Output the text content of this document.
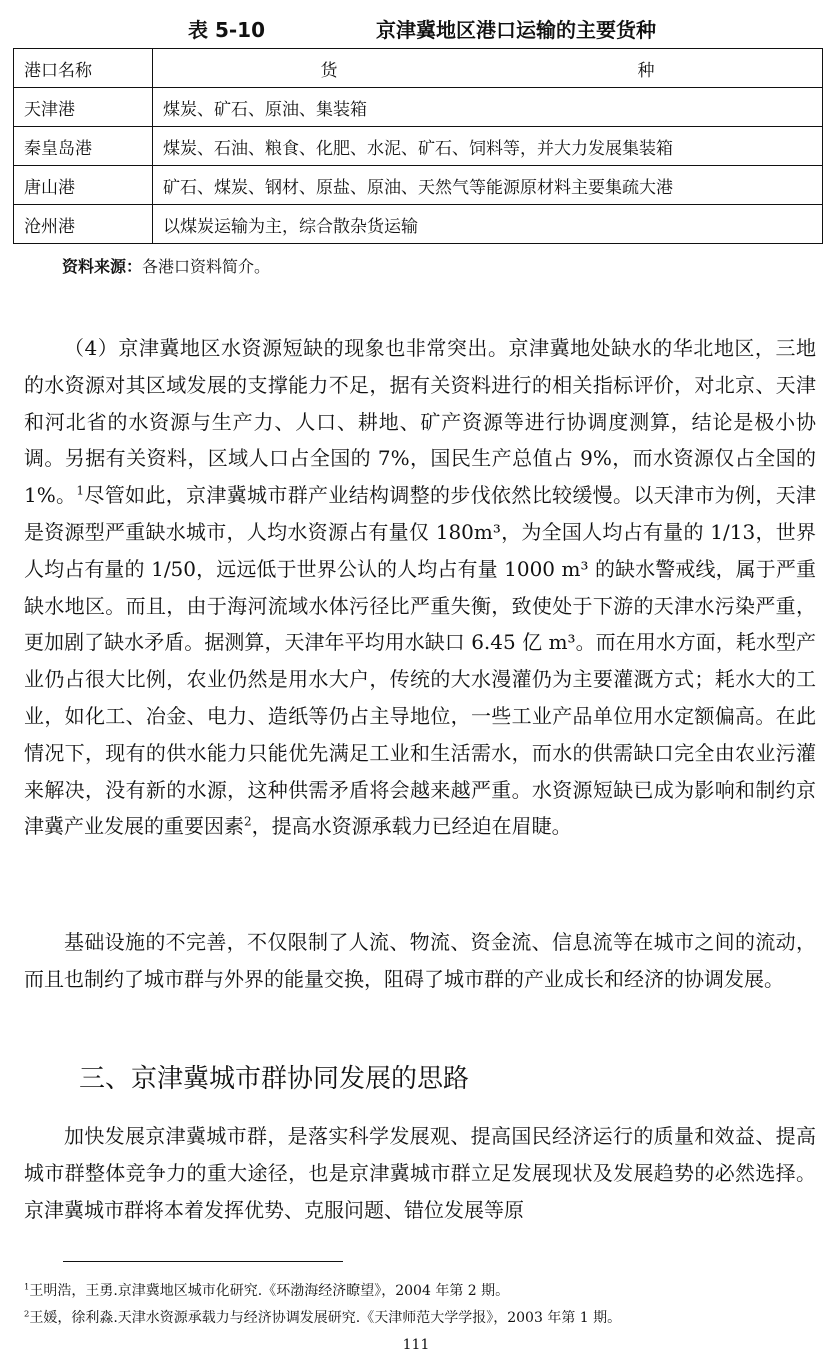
表 5-10	京津冀地区港口运输的主要货种
港口名称	货 种
天津港	煤炭、矿石、原油、集装箱
秦皇岛港	煤炭、石油、粮食、化肥、水泥、矿石、饲料等，并大力发展集装箱
唐山港	矿石、煤炭、钢材、原盐、原油、天然气等能源原材料主要集疏大港
沧州港	以煤炭运输为主，综合散杂货运输
资料来源：各港口资料简介。

（4）京津冀地区水资源短缺的现象也非常突出。京津冀地处缺水的华北地区，三地的水资源对其区域发展的支撑能力不足，据有关资料进行的相关指标评价，对北京、天津和河北省的水资源与生产力、人口、耕地、矿产资源等进行协调度测算，结论是极小协调。另据有关资料，区域人口占全国的 7%，国民生产总值占 9%，而水资源仅占全国的 1%。$^1$尽管如此，京津冀城市群产业结构调整的步伐依然比较缓慢。以天津市为例，天津是资源型严重缺水城市，人均水资源占有量仅 180m³，为全国人均占有量的 1/13，世界人均占有量的 1/50，远远低于世界公认的人均占有量 1000 m³ 的缺水警戒线，属于严重缺水地区。而且，由于海河流域水体污径比严重失衡，致使处于下游的天津水污染严重，更加剧了缺水矛盾。据测算，天津年平均用水缺口 6.45 亿 m³。而在用水方面，耗水型产业仍占很大比例，农业仍然是用水大户，传统的大水漫灌仍为主要灌溉方式；耗水大的工业，如化工、冶金、电力、造纸等仍占主导地位，一些工业产品单位用水定额偏高。在此情况下，现有的供水能力只能优先满足工业和生活需水，而水的供需缺口完全由农业污灌来解决，没有新的水源，这种供需矛盾将会越来越严重。水资源短缺已成为影响和制约京津冀产业发展的重要因素$^2$，提高水资源承载力已经迫在眉睫。

基础设施的不完善，不仅限制了人流、物流、资金流、信息流等在城市之间的流动，而且也制约了城市群与外界的能量交换，阻碍了城市群的产业成长和经济的协调发展。

三、京津冀城市群协同发展的思路

加快发展京津冀城市群，是落实科学发展观、提高国民经济运行的质量和效益、提高城市群整体竞争力的重大途径，也是京津冀城市群立足发展现状及发展趋势的必然选择。京津冀城市群将本着发挥优势、克服问题、错位发展等原

$^1$王明浩，王勇.京津冀地区城市化研究.《环渤海经济瞭望》，2004 年第 2 期。
$^2$王媛，徐利淼.天津水资源承载力与经济协调发展研究.《天津师范大学学报》，2003 年第 1 期。
111
